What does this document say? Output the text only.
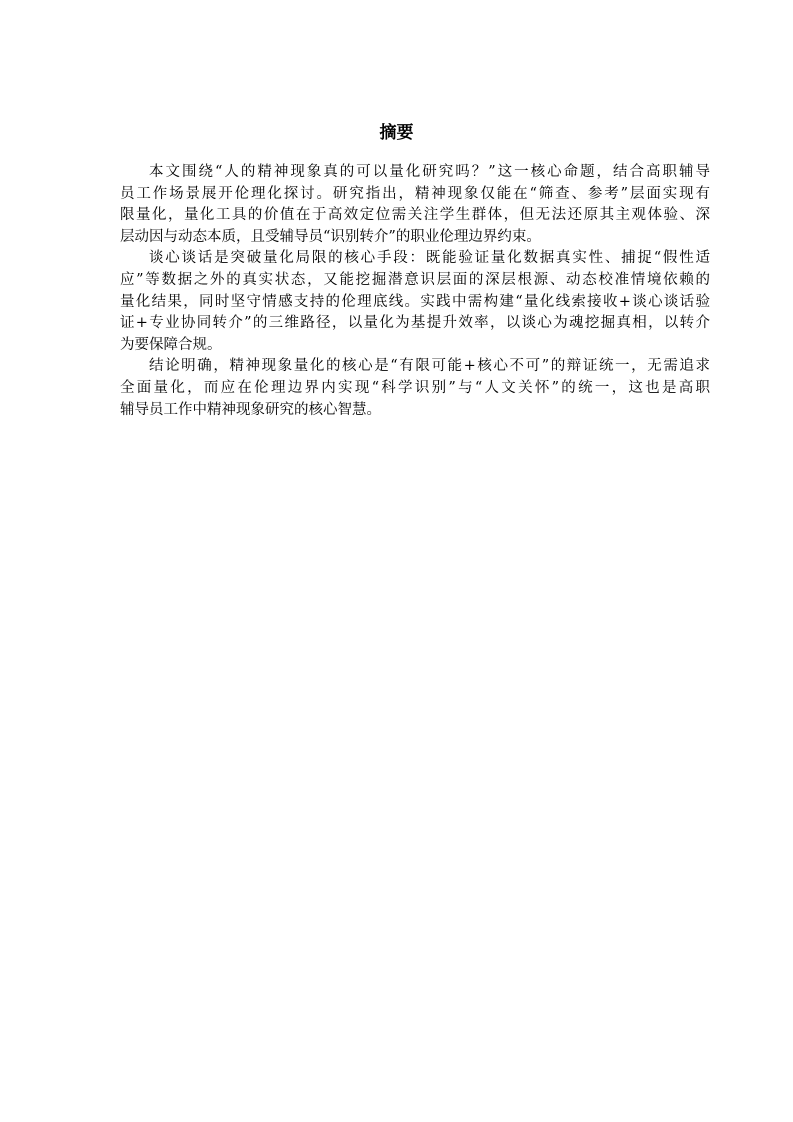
摘要
本文围绕“人的精神现象真的可以量化研究吗？”这一核心命题，结合高职辅导
员工作场景展开伦理化探讨。研究指出，精神现象仅能在“筛查、参考”层面实现有
限量化，量化工具的价值在于高效定位需关注学生群体，但无法还原其主观体验、深
层动因与动态本质，且受辅导员“识别转介”的职业伦理边界约束。
谈心谈话是突破量化局限的核心手段：既能验证量化数据真实性、捕捉“假性适
应”等数据之外的真实状态，又能挖掘潜意识层面的深层根源、动态校准情境依赖的
量化结果，同时坚守情感支持的伦理底线。实践中需构建“量化线索接收+谈心谈话验
证+专业协同转介”的三维路径，以量化为基提升效率，以谈心为魂挖掘真相，以转介
为要保障合规。
结论明确，精神现象量化的核心是“有限可能+核心不可”的辩证统一，无需追求
全面量化，而应在伦理边界内实现“科学识别”与“人文关怀”的统一，这也是高职
辅导员工作中精神现象研究的核心智慧。
